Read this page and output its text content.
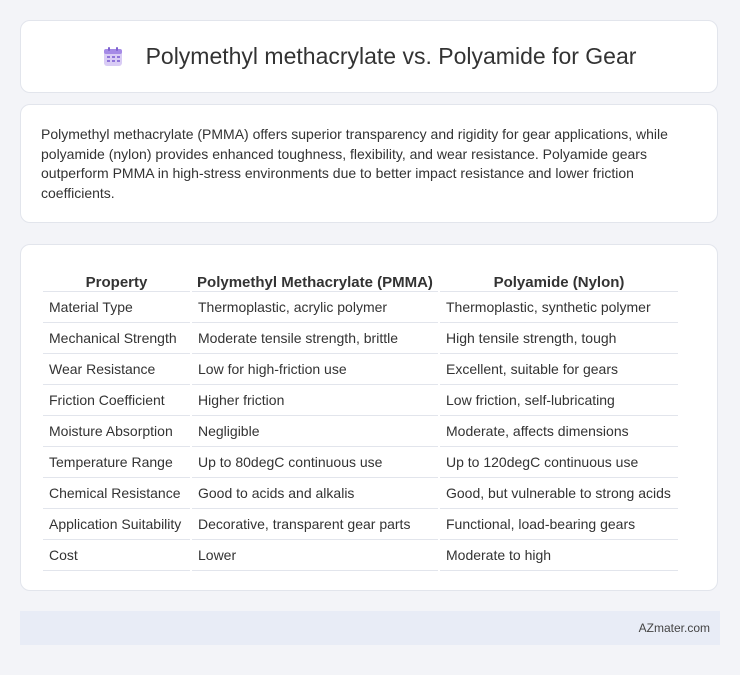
Polymethyl methacrylate vs. Polyamide for Gear

Polymethyl methacrylate (PMMA) offers superior transparency and rigidity for gear applications, while polyamide (nylon) provides enhanced toughness, flexibility, and wear resistance. Polyamide gears outperform PMMA in high-stress environments due to better impact resistance and lower friction coefficients.

Property	Polymethyl Methacrylate (PMMA)	Polyamide (Nylon)
Material Type	Thermoplastic, acrylic polymer	Thermoplastic, synthetic polymer
Mechanical Strength	Moderate tensile strength, brittle	High tensile strength, tough
Wear Resistance	Low for high-friction use	Excellent, suitable for gears
Friction Coefficient	Higher friction	Low friction, self-lubricating
Moisture Absorption	Negligible	Moderate, affects dimensions
Temperature Range	Up to 80degC continuous use	Up to 120degC continuous use
Chemical Resistance	Good to acids and alkalis	Good, but vulnerable to strong acids
Application Suitability	Decorative, transparent gear parts	Functional, load-bearing gears
Cost	Lower	Moderate to high
AZmater.com
